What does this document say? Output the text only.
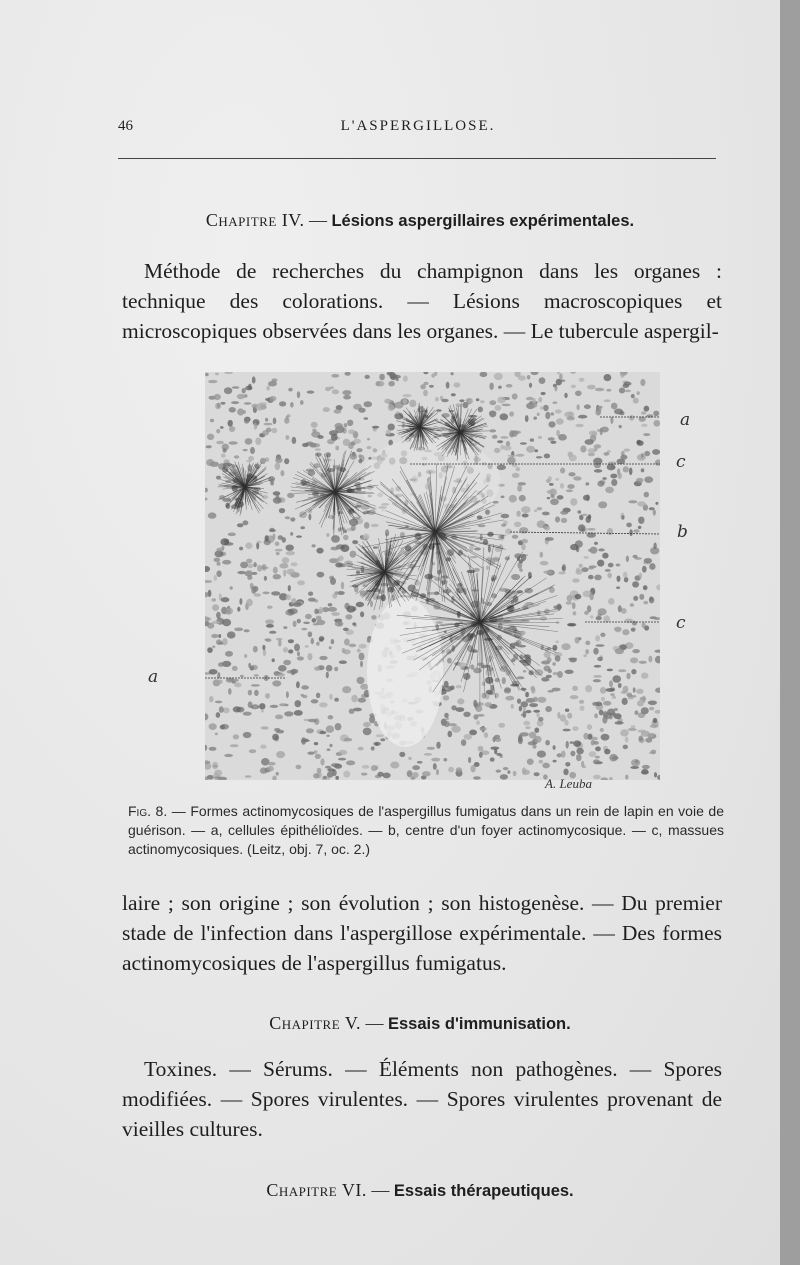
46	L'ASPERGILLOSE.
Chapitre IV. — Lésions aspergillaires expérimentales.

Méthode de recherches du champignon dans les organes : technique des colorations. — Lésions macroscopiques et microscopiques observées dans les organes. — Le tubercule aspergil-

a
c
b
c
a
A. Leuba

Fig. 8. — Formes actinomycosiques de l'aspergillus fumigatus dans un rein de lapin en voie de guérison. — a, cellules épithélioïdes. — b, centre d'un foyer actinomycosique. — c, massues actinomycosiques. (Leitz, obj. 7, oc. 2.)

laire ; son origine ; son évolution ; son histogenèse. — Du premier stade de l'infection dans l'aspergillose expérimentale. — Des formes actinomycosiques de l'aspergillus fumigatus.

Chapitre V. — Essais d'immunisation.

Toxines. — Sérums. — Éléments non pathogènes. — Spores modifiées. — Spores virulentes. — Spores virulentes provenant de vieilles cultures.

Chapitre VI. — Essais thérapeutiques.
